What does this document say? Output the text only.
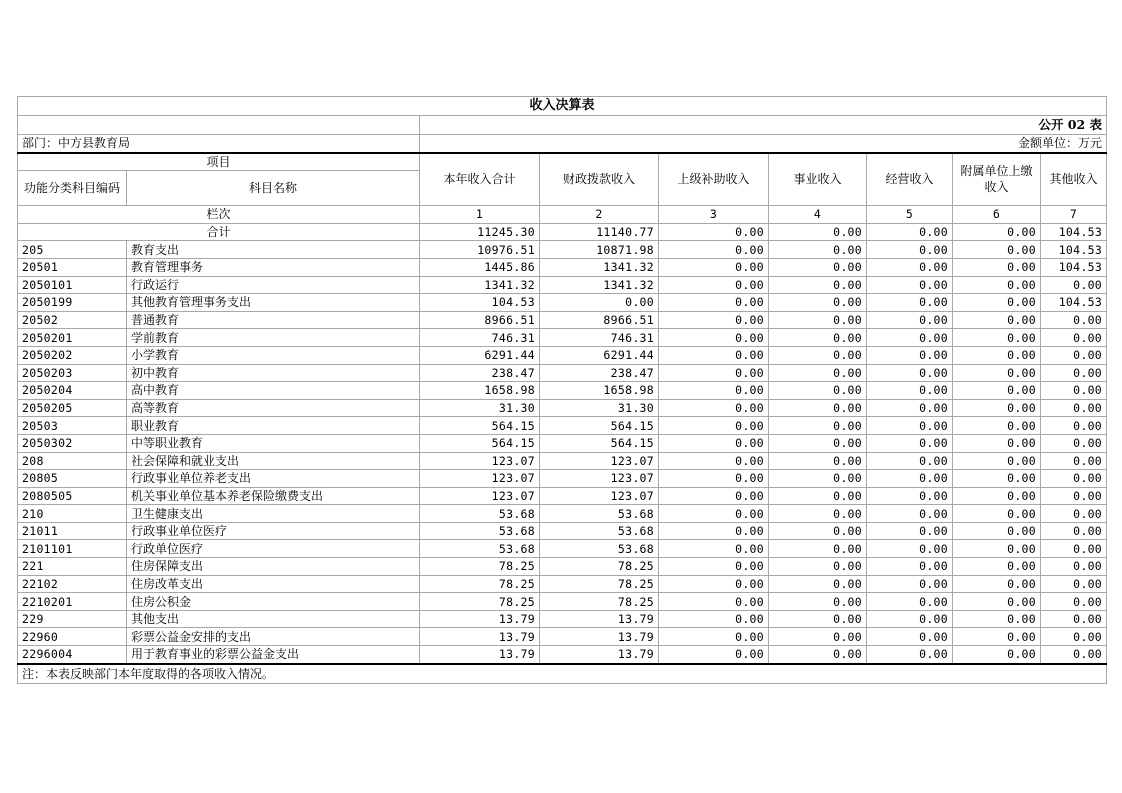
收入决算表								
		公开 02 表						
部门：中方县教育局		金额单位：万元						
项目		本年收入合计	财政拨款收入	上级补助收入	事业收入	经营收入	附属单位上缴收入	其他收入
功能分类科目编码	科目名称							
栏次		1	2	3	4	5	6	7
合计		11245.30	11140.77	0.00	0.00	0.00	0.00	104.53
205	教育支出	10976.51	10871.98	0.00	0.00	0.00	0.00	104.53
20501	教育管理事务	1445.86	1341.32	0.00	0.00	0.00	0.00	104.53
2050101	行政运行	1341.32	1341.32	0.00	0.00	0.00	0.00	0.00
2050199	其他教育管理事务支出	104.53	0.00	0.00	0.00	0.00	0.00	104.53
20502	普通教育	8966.51	8966.51	0.00	0.00	0.00	0.00	0.00
2050201	学前教育	746.31	746.31	0.00	0.00	0.00	0.00	0.00
2050202	小学教育	6291.44	6291.44	0.00	0.00	0.00	0.00	0.00
2050203	初中教育	238.47	238.47	0.00	0.00	0.00	0.00	0.00
2050204	高中教育	1658.98	1658.98	0.00	0.00	0.00	0.00	0.00
2050205	高等教育	31.30	31.30	0.00	0.00	0.00	0.00	0.00
20503	职业教育	564.15	564.15	0.00	0.00	0.00	0.00	0.00
2050302	中等职业教育	564.15	564.15	0.00	0.00	0.00	0.00	0.00
208	社会保障和就业支出	123.07	123.07	0.00	0.00	0.00	0.00	0.00
20805	行政事业单位养老支出	123.07	123.07	0.00	0.00	0.00	0.00	0.00
2080505	机关事业单位基本养老保险缴费支出	123.07	123.07	0.00	0.00	0.00	0.00	0.00
210	卫生健康支出	53.68	53.68	0.00	0.00	0.00	0.00	0.00
21011	行政事业单位医疗	53.68	53.68	0.00	0.00	0.00	0.00	0.00
2101101	行政单位医疗	53.68	53.68	0.00	0.00	0.00	0.00	0.00
221	住房保障支出	78.25	78.25	0.00	0.00	0.00	0.00	0.00
22102	住房改革支出	78.25	78.25	0.00	0.00	0.00	0.00	0.00
2210201	住房公积金	78.25	78.25	0.00	0.00	0.00	0.00	0.00
229	其他支出	13.79	13.79	0.00	0.00	0.00	0.00	0.00
22960	彩票公益金安排的支出	13.79	13.79	0.00	0.00	0.00	0.00	0.00
2296004	用于教育事业的彩票公益金支出	13.79	13.79	0.00	0.00	0.00	0.00	0.00
注：本表反映部门本年度取得的各项收入情况。								
